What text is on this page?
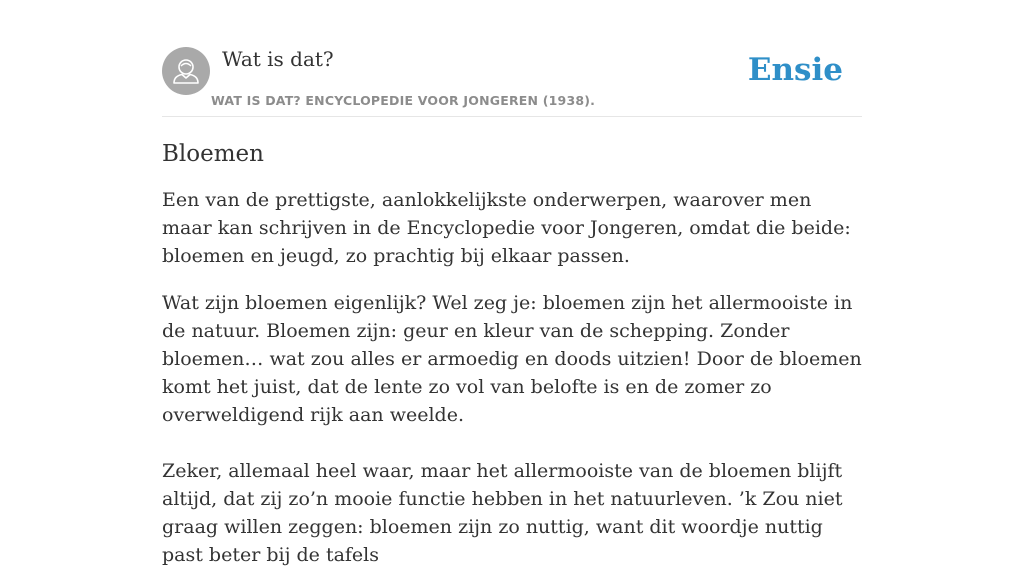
Wat is dat?
WAT IS DAT? ENCYCLOPEDIE VOOR JONGEREN (1938).
Ensie
Bloemen

Een van de prettigste, aanlokkelijkste onderwerpen, waarover men maar kan schrijven in de Encyclopedie voor Jongeren, omdat die beide: bloemen en jeugd, zo prachtig bij elkaar passen.

Wat zijn bloemen eigenlijk? Wel zeg je: bloemen zijn het allermooiste in de natuur. Bloemen zijn: geur en kleur van de schepping. Zonder bloemen… wat zou alles er armoedig en doods uitzien! Door de bloemen komt het juist, dat de lente zo vol van belofte is en de zomer zo overweldigend rijk aan weelde.

Zeker, allemaal heel waar, maar het allermooiste van de bloemen blijft altijd, dat zij zo’n mooie functie hebben in het natuurleven. ’k Zou niet graag willen zeggen: bloemen zijn zo nuttig, want dit woordje nuttig past beter bij de tafels
